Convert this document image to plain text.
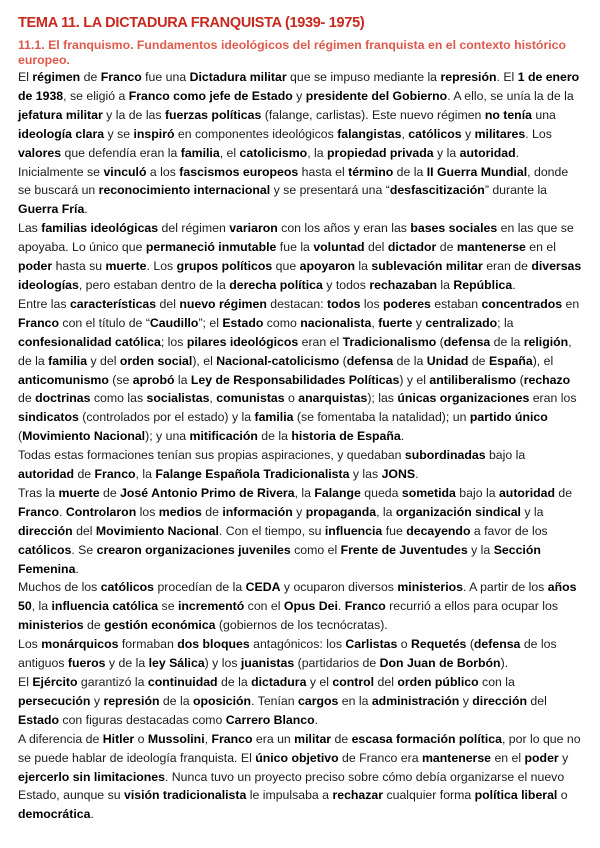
TEMA 11. LA DICTADURA FRANQUISTA (1939- 1975)
11.1. El franquismo. Fundamentos ideológicos del régimen franquista en el contexto histórico europeo.

El régimen de Franco fue una Dictadura militar que se impuso mediante la represión. El 1 de enero de 1938, se eligió a Franco como jefe de Estado y presidente del Gobierno. A ello, se unía la de la jefatura militar y la de las fuerzas políticas (falange, carlistas). Este nuevo régimen no tenía una ideología clara y se inspiró en componentes ideológicos falangistas, católicos y militares. Los valores que defendía eran la familia, el catolicismo, la propiedad privada y la autoridad. Inicialmente se vinculó a los fascismos europeos hasta el término de la II Guerra Mundial, donde se buscará un reconocimiento internacional y se presentará una “desfascitización” durante la Guerra Fría.

Las familias ideológicas del régimen variaron con los años y eran las bases sociales en las que se apoyaba. Lo único que permaneció inmutable fue la voluntad del dictador de mantenerse en el poder hasta su muerte. Los grupos políticos que apoyaron la sublevación militar eran de diversas ideologías, pero estaban dentro de la derecha política y todos rechazaban la República.

Entre las características del nuevo régimen destacan: todos los poderes estaban concentrados en Franco con el título de “Caudillo”; el Estado como nacionalista, fuerte y centralizado; la confesionalidad católica; los pilares ideológicos eran el Tradicionalismo (defensa de la religión, de la familia y del orden social), el Nacional-catolicismo (defensa de la Unidad de España), el anticomunismo (se aprobó la Ley de Responsabilidades Políticas) y el antiliberalismo (rechazo de doctrinas como las socialistas, comunistas o anarquistas); las únicas organizaciones eran los sindicatos (controlados por el estado) y la familia (se fomentaba la natalidad); un partido único (Movimiento Nacional); y una mitificación de la historia de España.

Todas estas formaciones tenían sus propias aspiraciones, y quedaban subordinadas bajo la autoridad de Franco, la Falange Española Tradicionalista y las JONS.

Tras la muerte de José Antonio Primo de Rivera, la Falange queda sometida bajo la autoridad de Franco. Controlaron los medios de información y propaganda, la organización sindical y la dirección del Movimiento Nacional. Con el tiempo, su influencia fue decayendo a favor de los católicos. Se crearon organizaciones juveniles como el Frente de Juventudes y la Sección Femenina.

Muchos de los católicos procedían de la CEDA y ocuparon diversos ministerios. A partir de los años 50, la influencia católica se incrementó con el Opus Dei. Franco recurrió a ellos para ocupar los ministerios de gestión económica (gobiernos de los tecnócratas).

Los monárquicos formaban dos bloques antagónicos: los Carlistas o Requetés (defensa de los antiguos fueros y de la ley Sálica) y los juanistas (partidarios de Don Juan de Borbón).

El Ejército garantizó la continuidad de la dictadura y el control del orden público con la persecución y represión de la oposición. Tenían cargos en la administración y dirección del Estado con figuras destacadas como Carrero Blanco.

A diferencia de Hitler o Mussolini, Franco era un militar de escasa formación política, por lo que no se puede hablar de ideología franquista. El único objetivo de Franco era mantenerse en el poder y ejercerlo sin limitaciones. Nunca tuvo un proyecto preciso sobre cómo debía organizarse el nuevo Estado, aunque su visión tradicionalista le impulsaba a rechazar cualquier forma política liberal o democrática.
